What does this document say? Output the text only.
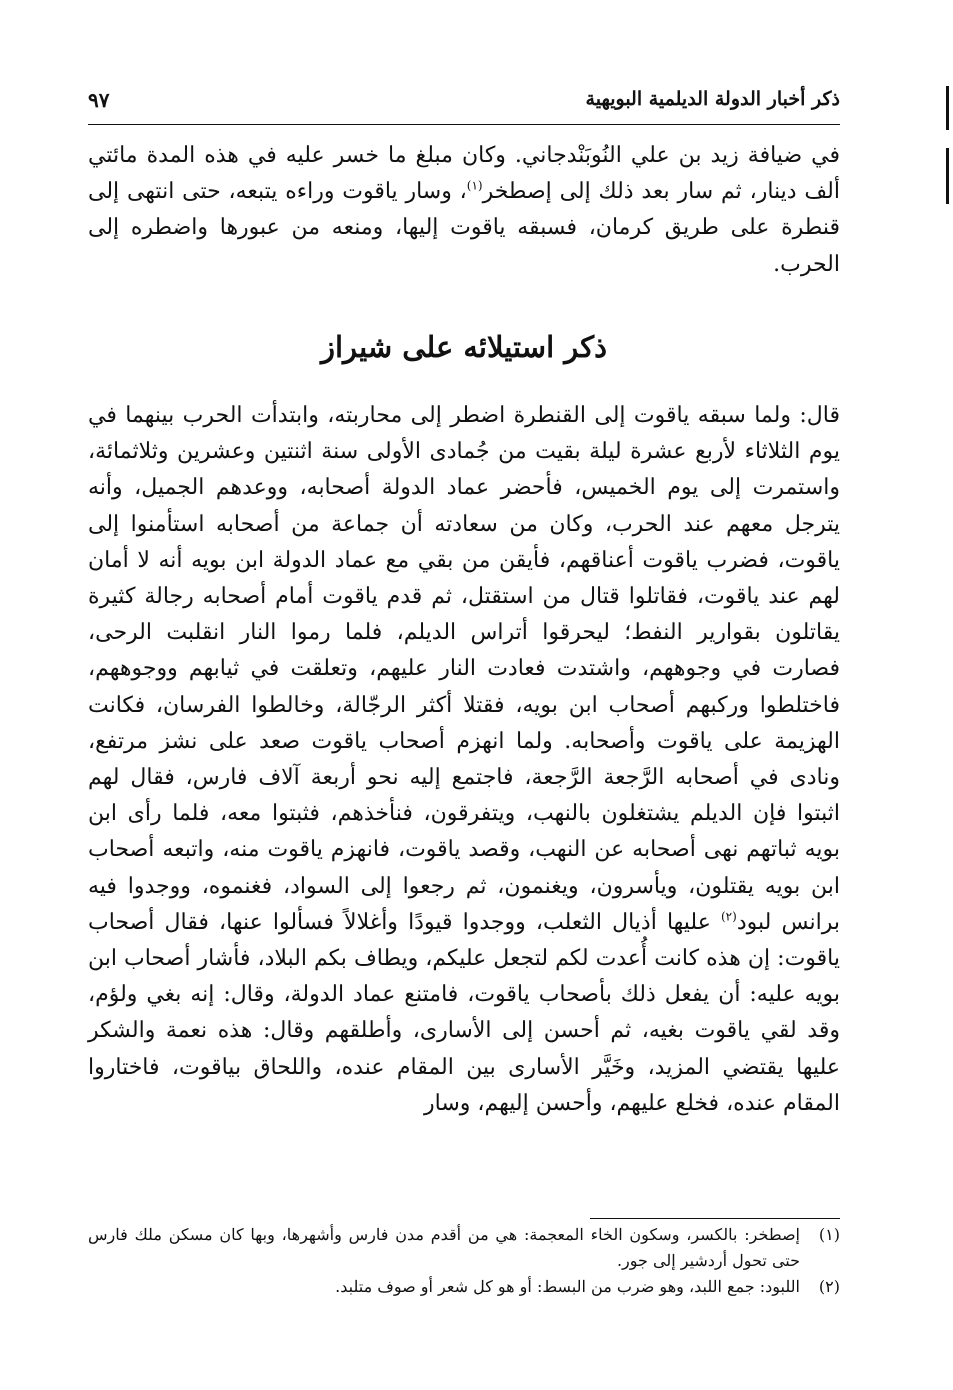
ذكر أخبار الدولة الديلمية البويهية
٩٧

في ضيافة زيد بن علي النُوبَنْدجاني. وكان مبلغ ما خسر عليه في هذه المدة مائتي ألف دينار، ثم سار بعد ذلك إلى إصطخر$^{(١)}$، وسار ياقوت وراءه يتبعه، حتى انتهى إلى قنطرة على طريق كرمان، فسبقه ياقوت إليها، ومنعه من عبورها واضطره إلى الحرب.

ذكر استيلائه على شيراز

قال: ولما سبقه ياقوت إلى القنطرة اضطر إلى محاربته، وابتدأت الحرب بينهما في يوم الثلاثاء لأربع عشرة ليلة بقيت من جُمادى الأولى سنة اثنتين وعشرين وثلاثمائة، واستمرت إلى يوم الخميس، فأحضر عماد الدولة أصحابه، ووعدهم الجميل، وأنه يترجل معهم عند الحرب، وكان من سعادته أن جماعة من أصحابه استأمنوا إلى ياقوت، فضرب ياقوت أعناقهم، فأيقن من بقي مع عماد الدولة ابن بويه أنه لا أمان لهم عند ياقوت، فقاتلوا قتال من استقتل، ثم قدم ياقوت أمام أصحابه رجالة كثيرة يقاتلون بقوارير النفط؛ ليحرقوا أتراس الديلم، فلما رموا النار انقلبت الرحى، فصارت في وجوههم، واشتدت فعادت النار عليهم، وتعلقت في ثيابهم ووجوههم، فاختلطوا وركبهم أصحاب ابن بويه، فقتلا أكثر الرجّالة، وخالطوا الفرسان، فكانت الهزيمة على ياقوت وأصحابه. ولما انهزم أصحاب ياقوت صعد على نشز مرتفع، ونادى في أصحابه الرَّجعة الرَّجعة، فاجتمع إليه نحو أربعة آلاف فارس، فقال لهم اثبتوا فإن الديلم يشتغلون بالنهب، ويتفرقون، فنأخذهم، فثبتوا معه، فلما رأى ابن بويه ثباتهم نهى أصحابه عن النهب، وقصد ياقوت، فانهزم ياقوت منه، واتبعه أصحاب ابن بويه يقتلون، ويأسرون، ويغنمون، ثم رجعوا إلى السواد، فغنموه، ووجدوا فيه برانس لبود$^{(٢)}$ عليها أذيال الثعلب، ووجدوا قيودًا وأغلالاً فسألوا عنها، فقال أصحاب ياقوت: إن هذه كانت أُعدت لكم لتجعل عليكم، ويطاف بكم البلاد، فأشار أصحاب ابن بويه عليه: أن يفعل ذلك بأصحاب ياقوت، فامتنع عماد الدولة، وقال: إنه بغي ولؤم، وقد لقي ياقوت بغيه، ثم أحسن إلى الأسارى، وأطلقهم وقال: هذه نعمة والشكر عليها يقتضي المزيد، وخَيَّر الأسارى بين المقام عنده، واللحاق بياقوت، فاختاروا المقام عنده، فخلع عليهم، وأحسن إليهم، وسار

(١)
إصطخر: بالكسر، وسكون الخاء المعجمة: هي من أقدم مدن فارس وأشهرها، وبها كان مسكن ملك فارس حتى تحول أردشير إلى جور.
(٢)
اللبود: جمع اللبد، وهو ضرب من البسط: أو هو كل شعر أو صوف متلبد.
